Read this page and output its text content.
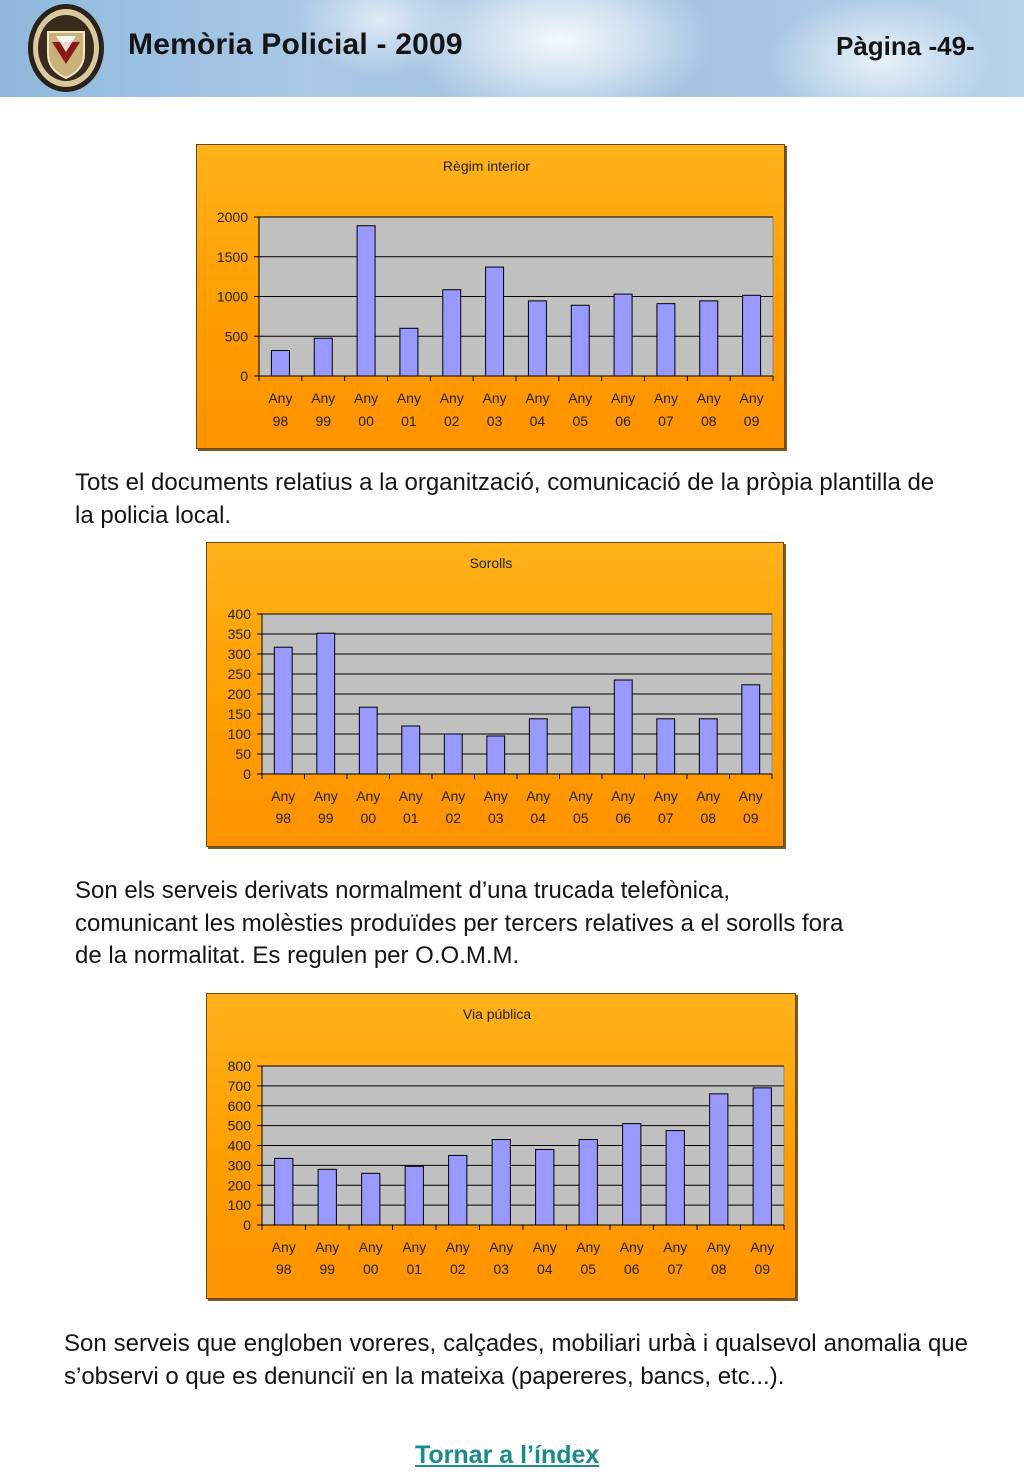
Memòria Policial - 2009	Pàgina -49-
Règim interior
0
500
1000
1500
2000
Any
98
Any
99
Any
00
Any
01
Any
02
Any
03
Any
04
Any
05
Any
06
Any
07
Any
08
Any
09
Tots el documents relatius a la organització, comunicació de la pròpia plantilla de la policia local.
Sorolls
0
50
100
150
200
250
300
350
400
Any
98
Any
99
Any
00
Any
01
Any
02
Any
03
Any
04
Any
05
Any
06
Any
07
Any
08
Any
09
Son els serveis derivats normalment d’una trucada telefònica,
comunicant les molèsties produïdes per tercers relatives a el sorolls fora
de la normalitat. Es regulen per O.O.M.M.
Via pública
0
100
200
300
400
500
600
700
800
Any
98
Any
99
Any
00
Any
01
Any
02
Any
03
Any
04
Any
05
Any
06
Any
07
Any
08
Any
09
Son serveis que engloben voreres, calçades, mobiliari urbà i qualsevol anomalia que s’observi o que es denunciï en la mateixa (papereres, bancs, etc...).
Tornar a l’índex
